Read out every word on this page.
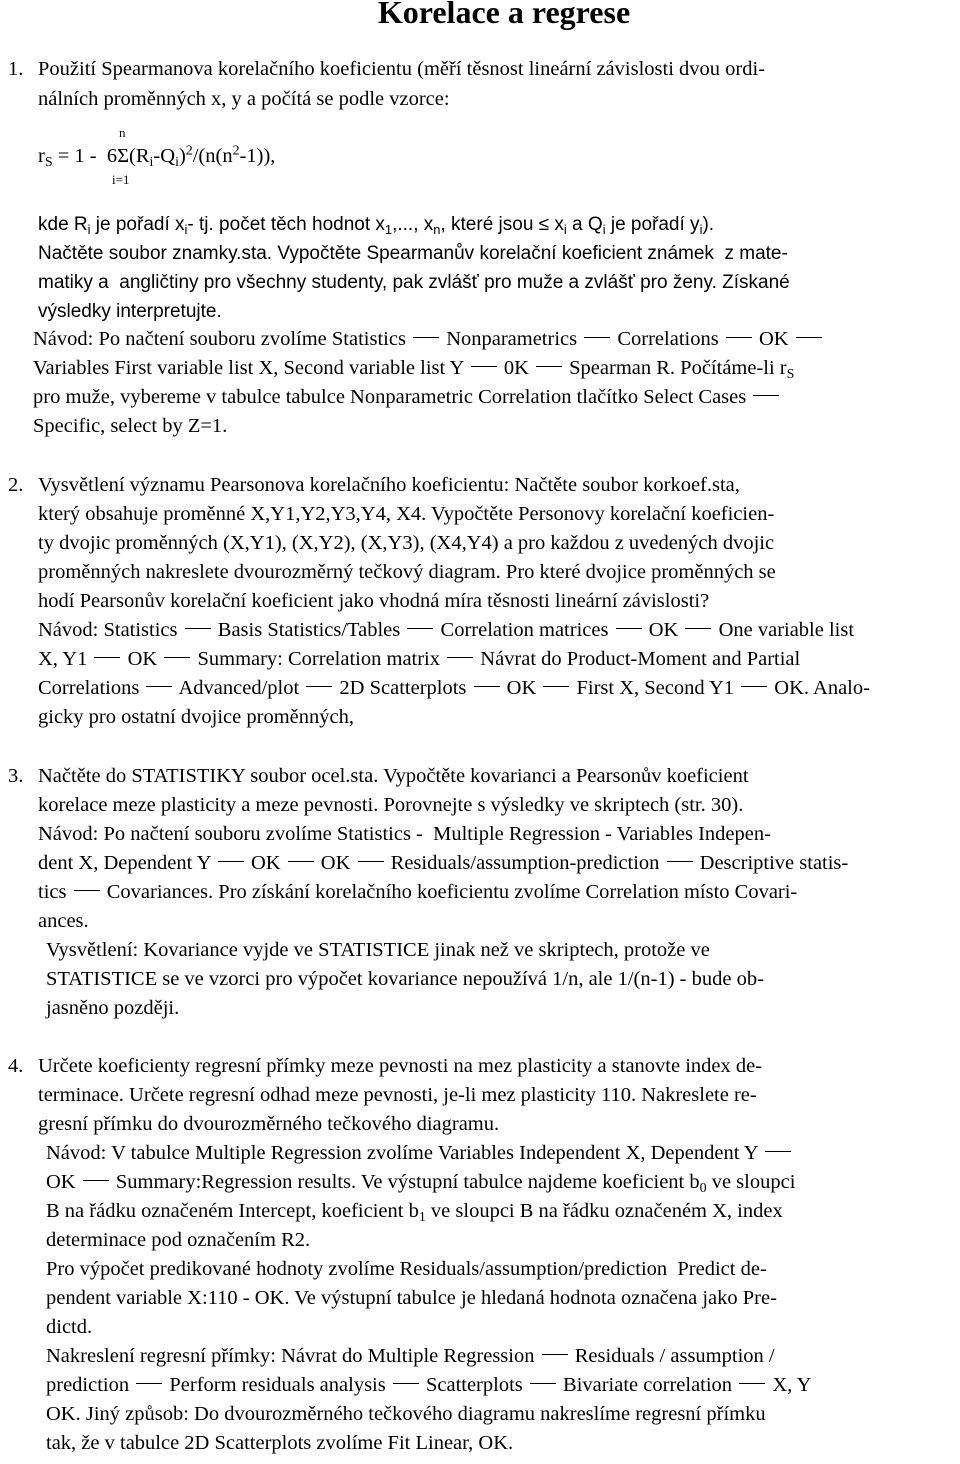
Korelace a regrese
1. Použití Spearmanova korelačního koeficientu (měří těsnost lineární závislosti dvou ordi-
nálních proměnných x, y a počítá se podle vzorce:
n
$r_S = 1 - 6\Sigma(R_i-Q_i)^2/(n(n^2-1))$,
i=1
kde $R_i$ je pořadí $x_i-$ tj. počet těch hodnot $x_1$,..., $x_n$, které jsou ≤ $x_i$ a $Q_i$ je pořadí $y_i$).
Načtěte soubor znamky.sta. Vypočtěte Spearmanův korelační koeficient známek  z mate-
matiky a  angličtiny pro všechny studenty, pak zvlášť pro muže a zvlášť pro ženy. Získané
výsledky interpretujte.
Návod: Po načtení souboru zvolíme Statistics Nonparametrics Correlations OK
Variables First variable list X, Second variable list Y 0K Spearman R. Počítáme-li $r_S$
pro muže, vybereme v tabulce tabulce Nonparametric Correlation tlačítko Select Cases
Specific, select by Z=1.
2. Vysvětlení významu Pearsonova korelačního koeficientu: Načtěte soubor korkoef.sta,
který obsahuje proměnné X,Y1,Y2,Y3,Y4, X4. Vypočtěte Personovy korelační koeficien-
ty dvojic proměnných (X,Y1), (X,Y2), (X,Y3), (X4,Y4) a pro každou z uvedených dvojic
proměnných nakreslete dvourozměrný tečkový diagram. Pro které dvojice proměnných se
hodí Pearsonův korelační koeficient jako vhodná míra těsnosti lineární závislosti?
Návod: Statistics Basis Statistics/Tables Correlation matrices OK One variable list
X, Y1 OK Summary: Correlation matrix Návrat do Product-Moment and Partial
Correlations Advanced/plot 2D Scatterplots OK First X, Second Y1 OK. Analo-
gicky pro ostatní dvojice proměnných,
3. Načtěte do STATISTIKY soubor ocel.sta. Vypočtěte kovarianci a Pearsonův koeficient
korelace meze plasticity a meze pevnosti. Porovnejte s výsledky ve skriptech (str. 30).
Návod: Po načtení souboru zvolíme Statistics -  Multiple Regression - Variables Indepen-
dent X, Dependent Y OK OK Residuals/assumption-prediction Descriptive statis-
tics Covariances. Pro získání korelačního koeficientu zvolíme Correlation místo Covari-
ances.
Vysvětlení: Kovariance vyjde ve STATISTICE jinak než ve skriptech, protože ve
STATISTICE se ve vzorci pro výpočet kovariance nepoužívá 1/n, ale 1/(n-1) - bude ob-
jasněno později.
4. Určete koeficienty regresní přímky meze pevnosti na mez plasticity a stanovte index de-
terminace. Určete regresní odhad meze pevnosti, je-li mez plasticity 110. Nakreslete re-
gresní přímku do dvourozměrného tečkového diagramu.
Návod: V tabulce Multiple Regression zvolíme Variables Independent X, Dependent Y
OK Summary:Regression results. Ve výstupní tabulce najdeme koeficient $b_0$ ve sloupci
B na řádku označeném Intercept, koeficient $b_1$ ve sloupci B na řádku označeném X, index
determinace pod označením R2.
Pro výpočet predikované hodnoty zvolíme Residuals/assumption/prediction  Predict de-
pendent variable X:110 - OK. Ve výstupní tabulce je hledaná hodnota označena jako Pre-
dictd.
Nakreslení regresní přímky: Návrat do Multiple Regression Residuals / assumption /
prediction Perform residuals analysis Scatterplots Bivariate correlation X, Y
OK. Jiný způsob: Do dvourozměrného tečkového diagramu nakreslíme regresní přímku
tak, že v tabulce 2D Scatterplots zvolíme Fit Linear, OK.
